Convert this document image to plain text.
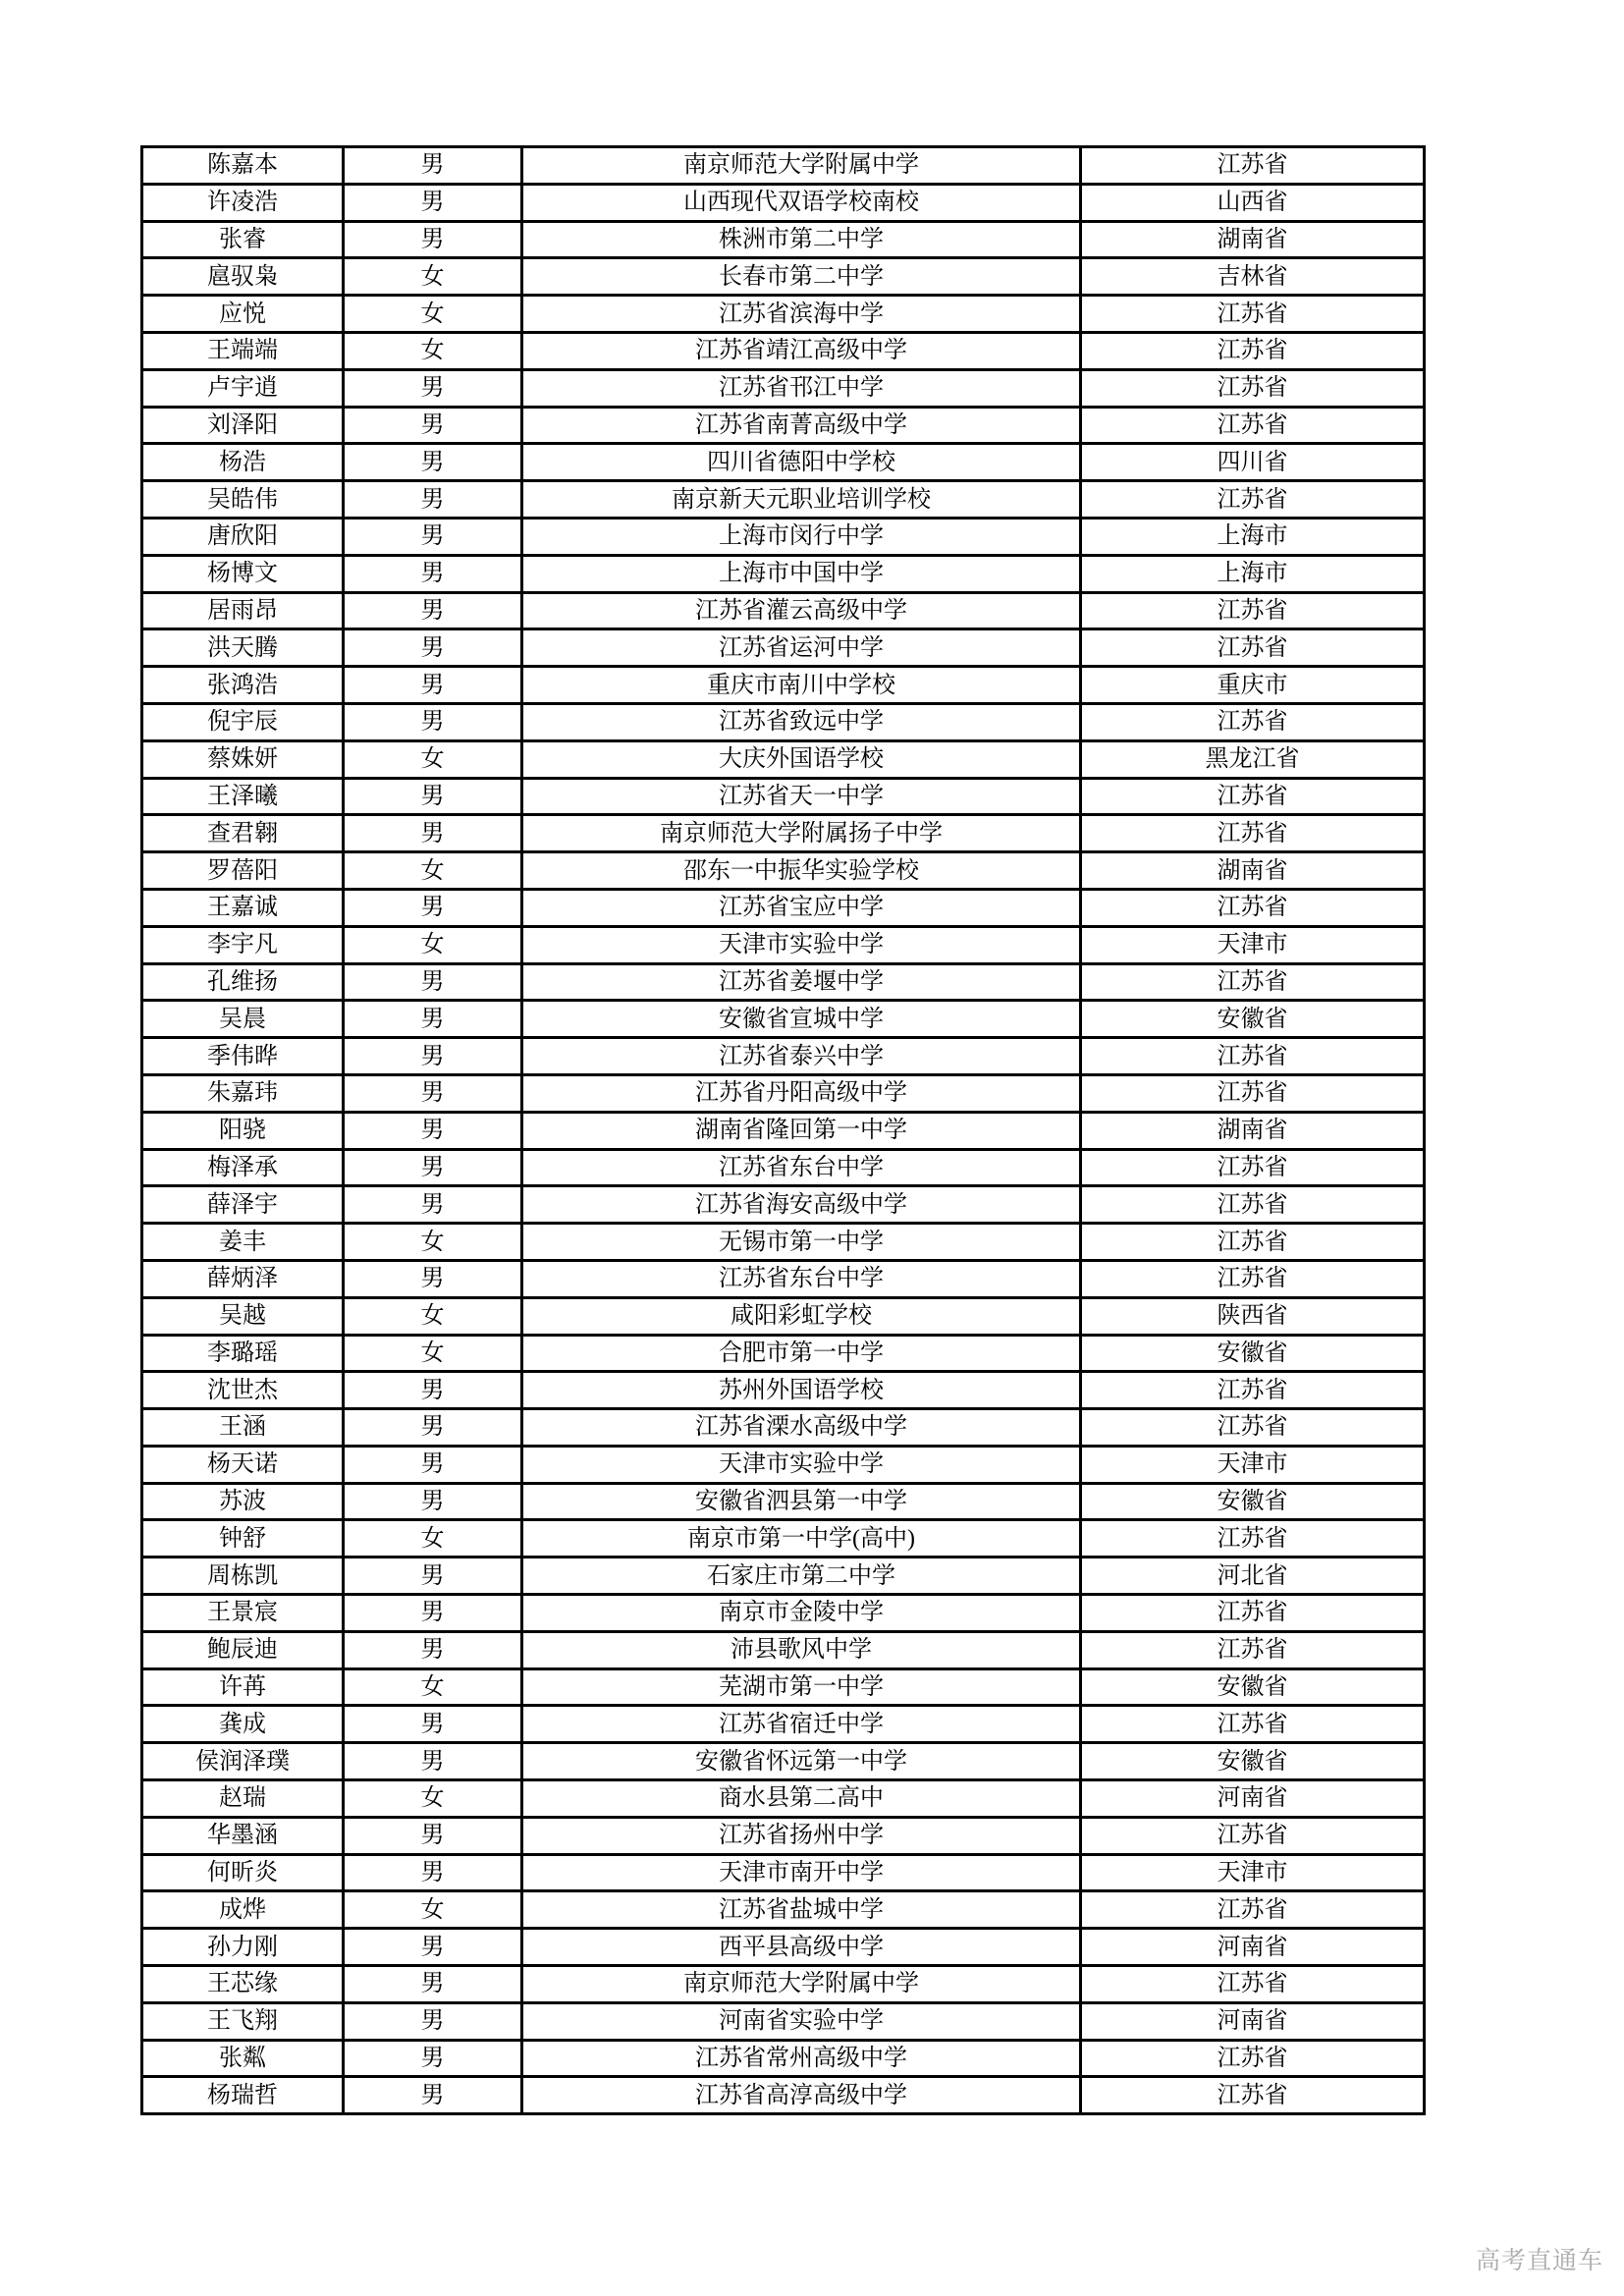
陈嘉本	男	南京师范大学附属中学	江苏省
许凌浩	男	山西现代双语学校南校	山西省
张睿	男	株洲市第二中学	湖南省
扈驭枭	女	长春市第二中学	吉林省
应悦	女	江苏省滨海中学	江苏省
王端端	女	江苏省靖江高级中学	江苏省
卢宇逍	男	江苏省邗江中学	江苏省
刘泽阳	男	江苏省南菁高级中学	江苏省
杨浩	男	四川省德阳中学校	四川省
吴皓伟	男	南京新天元职业培训学校	江苏省
唐欣阳	男	上海市闵行中学	上海市
杨博文	男	上海市中国中学	上海市
居雨昂	男	江苏省灌云高级中学	江苏省
洪天腾	男	江苏省运河中学	江苏省
张鸿浩	男	重庆市南川中学校	重庆市
倪宇辰	男	江苏省致远中学	江苏省
蔡姝妍	女	大庆外国语学校	黑龙江省
王泽曦	男	江苏省天一中学	江苏省
查君翱	男	南京师范大学附属扬子中学	江苏省
罗蓓阳	女	邵东一中振华实验学校	湖南省
王嘉诚	男	江苏省宝应中学	江苏省
李宇凡	女	天津市实验中学	天津市
孔维扬	男	江苏省姜堰中学	江苏省
吴晨	男	安徽省宣城中学	安徽省
季伟晔	男	江苏省泰兴中学	江苏省
朱嘉玮	男	江苏省丹阳高级中学	江苏省
阳骁	男	湖南省隆回第一中学	湖南省
梅泽承	男	江苏省东台中学	江苏省
薛泽宇	男	江苏省海安高级中学	江苏省
姜丰	女	无锡市第一中学	江苏省
薛炳泽	男	江苏省东台中学	江苏省
吴越	女	咸阳彩虹学校	陕西省
李璐瑶	女	合肥市第一中学	安徽省
沈世杰	男	苏州外国语学校	江苏省
王涵	男	江苏省溧水高级中学	江苏省
杨天诺	男	天津市实验中学	天津市
苏波	男	安徽省泗县第一中学	安徽省
钟舒	女	南京市第一中学(高中)	江苏省
周栋凯	男	石家庄市第二中学	河北省
王景宸	男	南京市金陵中学	江苏省
鲍辰迪	男	沛县歌风中学	江苏省
许苒	女	芜湖市第一中学	安徽省
龚成	男	江苏省宿迁中学	江苏省
侯润泽璞	男	安徽省怀远第一中学	安徽省
赵瑞	女	商水县第二高中	河南省
华墨涵	男	江苏省扬州中学	江苏省
何昕炎	男	天津市南开中学	天津市
成烨	女	江苏省盐城中学	江苏省
孙力刚	男	西平县高级中学	河南省
王芯缘	男	南京师范大学附属中学	江苏省
王飞翔	男	河南省实验中学	河南省
张粼	男	江苏省常州高级中学	江苏省
杨瑞哲	男	江苏省高淳高级中学	江苏省
高考直通车
